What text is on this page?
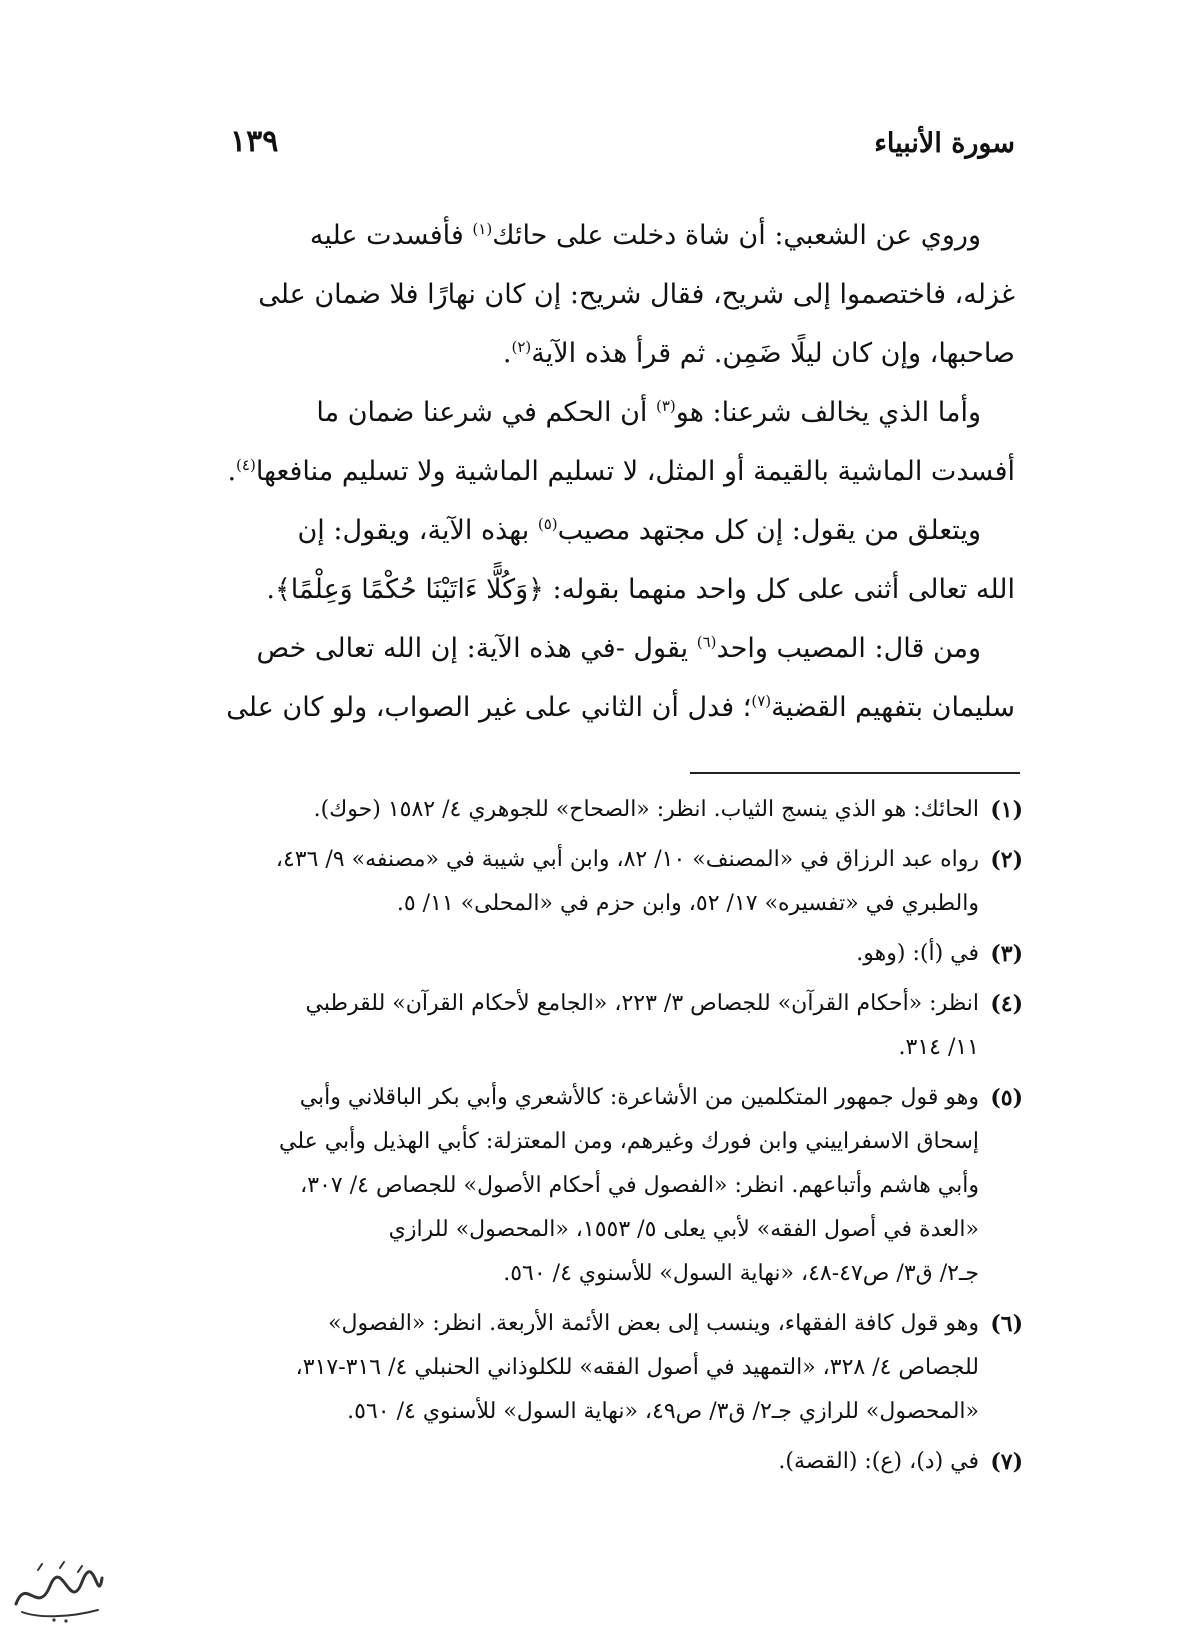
سورة الأنبياء
١٣٩
وروي عن الشعبي: أن شاة دخلت على حائك$^{(١)}$ فأفسدت عليه
غزله، فاختصموا إلى شريح، فقال شريح: إن كان نهارًا فلا ضمان على
صاحبها، وإن كان ليلًا ضَمِن. ثم قرأ هذه الآية$^{(٢)}$.
وأما الذي يخالف شرعنا: هو$^{(٣)}$ أن الحكم في شرعنا ضمان ما
أفسدت الماشية بالقيمة أو المثل، لا تسليم الماشية ولا تسليم منافعها$^{(٤)}$.
ويتعلق من يقول: إن كل مجتهد مصيب$^{(٥)}$ بهذه الآية، ويقول: إن
الله تعالى أثنى على كل واحد منهما بقوله: ﴿وَكُلًّا ءَاتَيْنَا حُكْمًا وَعِلْمًا﴾.
ومن قال: المصيب واحد$^{(٦)}$ يقول -في هذه الآية: إن الله تعالى خص
سليمان بتفهيم القضية$^{(٧)}$؛ فدل أن الثاني على غير الصواب، ولو كان على
(١)
الحائك: هو الذي ينسج الثياب. انظر: «الصحاح» للجوهري ٤/ ١٥٨٢ (حوك).
(٢)
رواه عبد الرزاق في «المصنف» ١٠/ ٨٢، وابن أبي شيبة في «مصنفه» ٩/ ٤٣٦،
والطبري في «تفسيره» ١٧/ ٥٢، وابن حزم في «المحلى» ١١/ ٥.
(٣)
في (أ): (وهو.
(٤)
انظر: «أحكام القرآن» للجصاص ٣/ ٢٢٣، «الجامع لأحكام القرآن» للقرطبي
١١/ ٣١٤.
(٥)
وهو قول جمهور المتكلمين من الأشاعرة: كالأشعري وأبي بكر الباقلاني وأبي
إسحاق الاسفراييني وابن فورك وغيرهم، ومن المعتزلة: كأبي الهذيل وأبي علي
وأبي هاشم وأتباعهم. انظر: «الفصول في أحكام الأصول» للجصاص ٤/ ٣٠٧،
«العدة في أصول الفقه» لأبي يعلى ٥/ ١٥٥٣، «المحصول» للرازي
جـ٢/ ق٣/ ص٤٧-٤٨، «نهاية السول» للأسنوي ٤/ ٥٦٠.
(٦)
وهو قول كافة الفقهاء، وينسب إلى بعض الأئمة الأربعة. انظر: «الفصول»
للجصاص ٤/ ٣٢٨، «التمهيد في أصول الفقه» للكلوذاني الحنبلي ٤/ ٣١٦-٣١٧،
«المحصول» للرازي جـ٢/ ق٣/ ص٤٩، «نهاية السول» للأسنوي ٤/ ٥٦٠.
(٧)
في (د)، (ع): (القصة).
